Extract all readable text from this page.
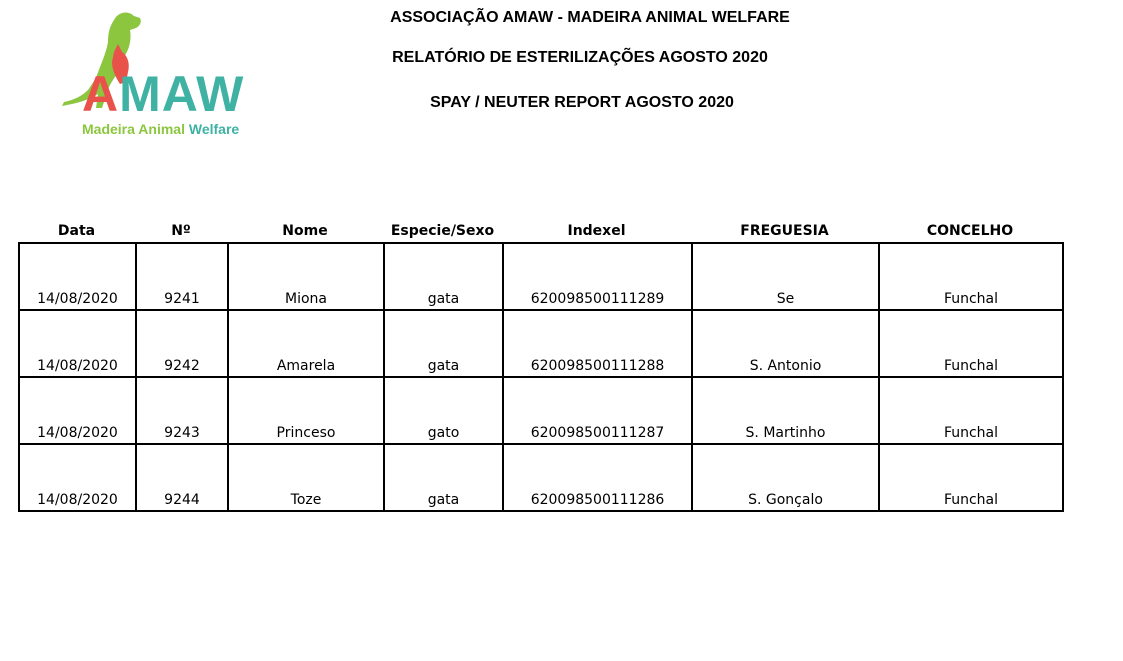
AMAW
Madeira Animal Welfare
ASSOCIAÇÃO AMAW - MADEIRA ANIMAL WELFARE
RELATÓRIO DE ESTERILIZAÇÕES AGOSTO 2020
SPAY / NEUTER REPORT AGOSTO 2020
Data	Nº	Nome	Especie/Sexo	Indexel	FREGUESIA	CONCELHO
14/08/2020	9241	Miona	gata	620098500111289	Se	Funchal
14/08/2020	9242	Amarela	gata	620098500111288	S. Antonio	Funchal
14/08/2020	9243	Princeso	gato	620098500111287	S. Martinho	Funchal
14/08/2020	9244	Toze	gata	620098500111286	S. Gonçalo	Funchal
